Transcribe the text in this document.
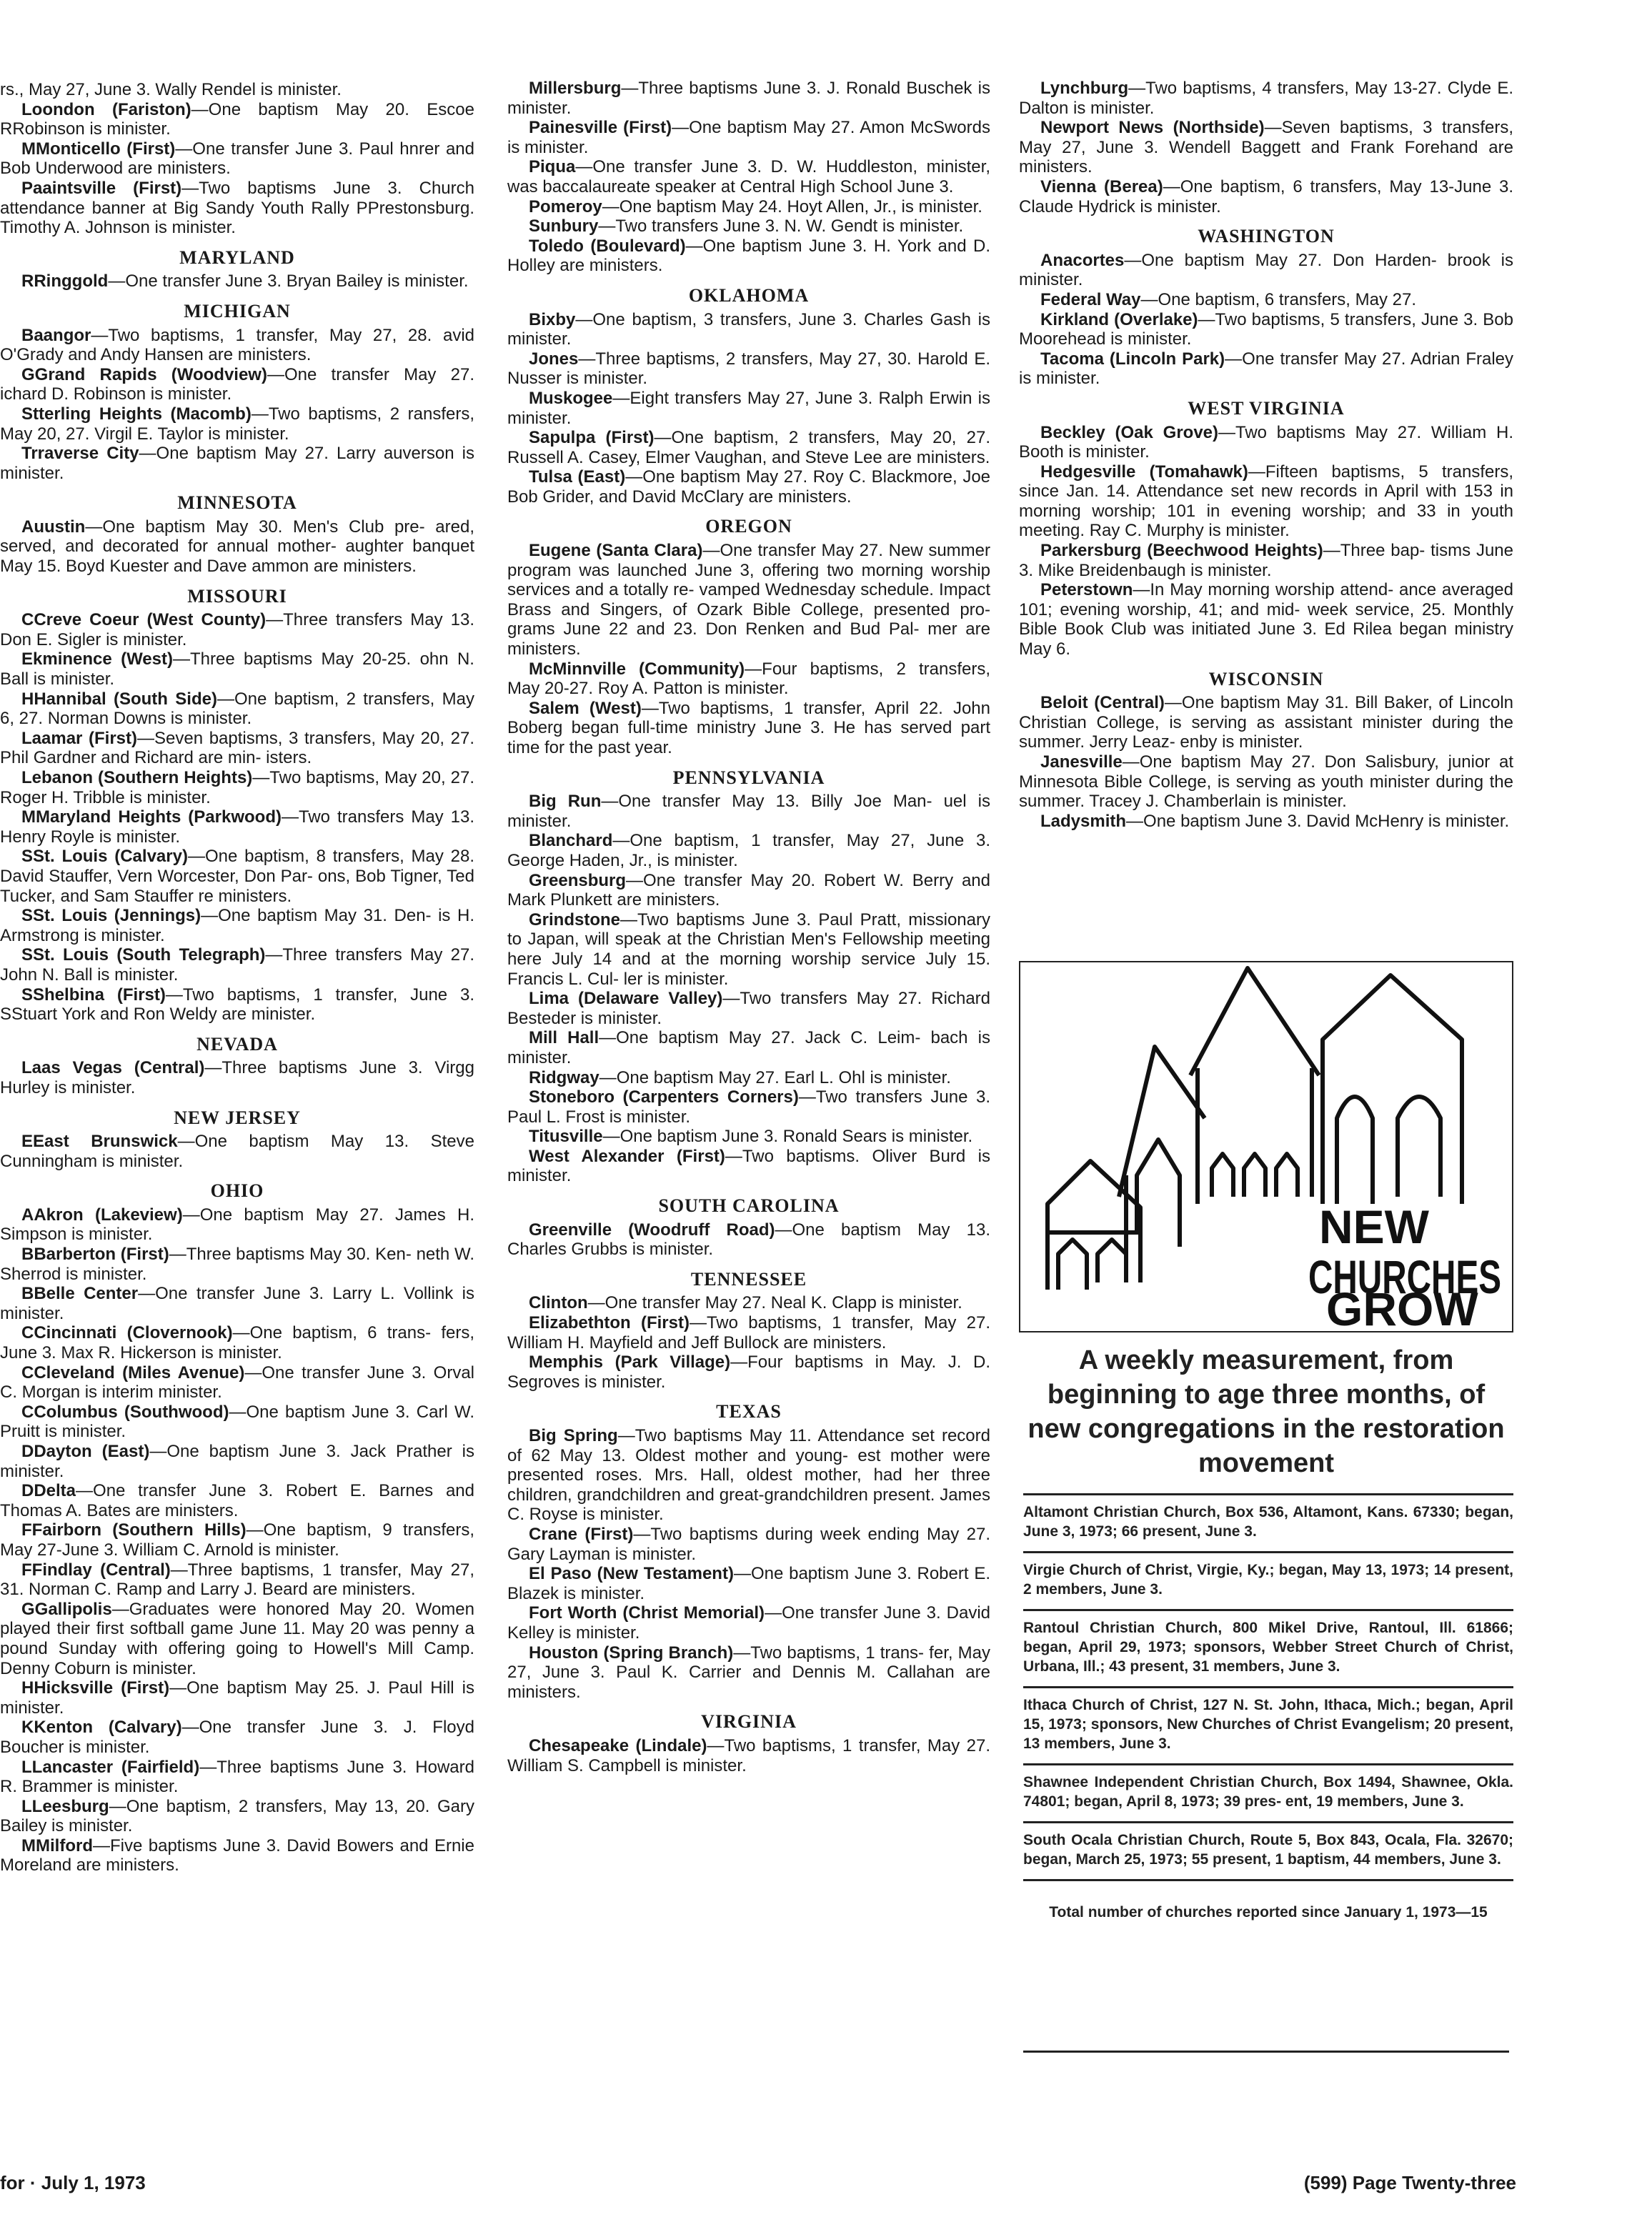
rs., May 27, June 3. Wally Rendel is minister.

Loondon (Fariston)—One baptism May 20. Escoe RRobinson is minister.

MMonticello (First)—One transfer June 3. Paul hnrer and Bob Underwood are ministers.

Paaintsville (First)—Two baptisms June 3. Church attendance banner at Big Sandy Youth Rally PPrestonsburg. Timothy A. Johnson is minister.

MARYLAND

RRinggold—One transfer June 3. Bryan Bailey is minister.

MICHIGAN

Baangor—Two baptisms, 1 transfer, May 27, 28. avid O'Grady and Andy Hansen are ministers.

GGrand Rapids (Woodview)—One transfer May 27. ichard D. Robinson is minister.

Stterling Heights (Macomb)—Two baptisms, 2 ransfers, May 20, 27. Virgil E. Taylor is minister.

Trraverse City—One baptism May 27. Larry auverson is minister.

MINNESOTA

Auustin—One baptism May 30. Men's Club pre- ared, served, and decorated for annual mother- aughter banquet May 15. Boyd Kuester and Dave ammon are ministers.

MISSOURI

CCreve Coeur (West County)—Three transfers May 13. Don E. Sigler is minister.

Ekminence (West)—Three baptisms May 20-25. ohn N. Ball is minister.

HHannibal (South Side)—One baptism, 2 transfers, May 6, 27. Norman Downs is minister.

Laamar (First)—Seven baptisms, 3 transfers, May 20, 27. Phil Gardner and Richard are min- isters.

Lebanon (Southern Heights)—Two baptisms, May 20, 27. Roger H. Tribble is minister.

MMaryland Heights (Parkwood)—Two transfers May 13. Henry Royle is minister.

SSt. Louis (Calvary)—One baptism, 8 transfers, May 28. David Stauffer, Vern Worcester, Don Par- ons, Bob Tigner, Ted Tucker, and Sam Stauffer re ministers.

SSt. Louis (Jennings)—One baptism May 31. Den- is H. Armstrong is minister.

SSt. Louis (South Telegraph)—Three transfers May 27. John N. Ball is minister.

SShelbina (First)—Two baptisms, 1 transfer, June 3. SStuart York and Ron Weldy are minister.

NEVADA

Laas Vegas (Central)—Three baptisms June 3. Virgg Hurley is minister.

NEW JERSEY

EEast Brunswick—One baptism May 13. Steve Cunningham is minister.

OHIO

AAkron (Lakeview)—One baptism May 27. James H. Simpson is minister.

BBarberton (First)—Three baptisms May 30. Ken- neth W. Sherrod is minister.

BBelle Center—One transfer June 3. Larry L. Vollink is minister.

CCincinnati (Clovernook)—One baptism, 6 trans- fers, June 3. Max R. Hickerson is minister.

CCleveland (Miles Avenue)—One transfer June 3. Orval C. Morgan is interim minister.

CColumbus (Southwood)—One baptism June 3. Carl W. Pruitt is minister.

DDayton (East)—One baptism June 3. Jack Prather is minister.

DDelta—One transfer June 3. Robert E. Barnes and Thomas A. Bates are ministers.

FFairborn (Southern Hills)—One baptism, 9 transfers, May 27-June 3. William C. Arnold is minister.

FFindlay (Central)—Three baptisms, 1 transfer, May 27, 31. Norman C. Ramp and Larry J. Beard are ministers.

GGallipolis—Graduates were honored May 20. Women played their first softball game June 11. May 20 was penny a pound Sunday with offering going to Howell's Mill Camp. Denny Coburn is minister.

HHicksville (First)—One baptism May 25. J. Paul Hill is minister.

KKenton (Calvary)—One transfer June 3. J. Floyd Boucher is minister.

LLancaster (Fairfield)—Three baptisms June 3. Howard R. Brammer is minister.

LLeesburg—One baptism, 2 transfers, May 13, 20. Gary Bailey is minister.

MMilford—Five baptisms June 3. David Bowers and Ernie Moreland are ministers.

Millersburg—Three baptisms June 3. J. Ronald Buschek is minister.

Painesville (First)—One baptism May 27. Amon McSwords is minister.

Piqua—One transfer June 3. D. W. Huddleston, minister, was baccalaureate speaker at Central High School June 3.

Pomeroy—One baptism May 24. Hoyt Allen, Jr., is minister.

Sunbury—Two transfers June 3. N. W. Gendt is minister.

Toledo (Boulevard)—One baptism June 3. H. York and D. Holley are ministers.

OKLAHOMA

Bixby—One baptism, 3 transfers, June 3. Charles Gash is minister.

Jones—Three baptisms, 2 transfers, May 27, 30. Harold E. Nusser is minister.

Muskogee—Eight transfers May 27, June 3. Ralph Erwin is minister.

Sapulpa (First)—One baptism, 2 transfers, May 20, 27. Russell A. Casey, Elmer Vaughan, and Steve Lee are ministers.

Tulsa (East)—One baptism May 27. Roy C. Blackmore, Joe Bob Grider, and David McClary are ministers.

OREGON

Eugene (Santa Clara)—One transfer May 27. New summer program was launched June 3, offering two morning worship services and a totally re- vamped Wednesday schedule. Impact Brass and Singers, of Ozark Bible College, presented pro- grams June 22 and 23. Don Renken and Bud Pal- mer are ministers.

McMinnville (Community)—Four baptisms, 2 transfers, May 20-27. Roy A. Patton is minister.

Salem (West)—Two baptisms, 1 transfer, April 22. John Boberg began full-time ministry June 3. He has served part time for the past year.

PENNSYLVANIA

Big Run—One transfer May 13. Billy Joe Man- uel is minister.

Blanchard—One baptism, 1 transfer, May 27, June 3. George Haden, Jr., is minister.

Greensburg—One transfer May 20. Robert W. Berry and Mark Plunkett are ministers.

Grindstone—Two baptisms June 3. Paul Pratt, missionary to Japan, will speak at the Christian Men's Fellowship meeting here July 14 and at the morning worship service July 15. Francis L. Cul- ler is minister.

Lima (Delaware Valley)—Two transfers May 27. Richard Besteder is minister.

Mill Hall—One baptism May 27. Jack C. Leim- bach is minister.

Ridgway—One baptism May 27. Earl L. Ohl is minister.

Stoneboro (Carpenters Corners)—Two transfers June 3. Paul L. Frost is minister.

Titusville—One baptism June 3. Ronald Sears is minister.

West Alexander (First)—Two baptisms. Oliver Burd is minister.

SOUTH CAROLINA

Greenville (Woodruff Road)—One baptism May 13. Charles Grubbs is minister.

TENNESSEE

Clinton—One transfer May 27. Neal K. Clapp is minister.

Elizabethton (First)—Two baptisms, 1 transfer, May 27. William H. Mayfield and Jeff Bullock are ministers.

Memphis (Park Village)—Four baptisms in May. J. D. Segroves is minister.

TEXAS

Big Spring—Two baptisms May 11. Attendance set record of 62 May 13. Oldest mother and young- est mother were presented roses. Mrs. Hall, oldest mother, had her three children, grandchildren and great-grandchildren present. James C. Royse is minister.

Crane (First)—Two baptisms during week ending May 27. Gary Layman is minister.

El Paso (New Testament)—One baptism June 3. Robert E. Blazek is minister.

Fort Worth (Christ Memorial)—One transfer June 3. David Kelley is minister.

Houston (Spring Branch)—Two baptisms, 1 trans- fer, May 27, June 3. Paul K. Carrier and Dennis M. Callahan are ministers.

VIRGINIA

Chesapeake (Lindale)—Two baptisms, 1 transfer, May 27. William S. Campbell is minister.

Lynchburg—Two baptisms, 4 transfers, May 13-27. Clyde E. Dalton is minister.

Newport News (Northside)—Seven baptisms, 3 transfers, May 27, June 3. Wendell Baggett and Frank Forehand are ministers.

Vienna (Berea)—One baptism, 6 transfers, May 13-June 3. Claude Hydrick is minister.

WASHINGTON

Anacortes—One baptism May 27. Don Harden- brook is minister.

Federal Way—One baptism, 6 transfers, May 27.

Kirkland (Overlake)—Two baptisms, 5 transfers, June 3. Bob Moorehead is minister.

Tacoma (Lincoln Park)—One transfer May 27. Adrian Fraley is minister.

WEST VIRGINIA

Beckley (Oak Grove)—Two baptisms May 27. William H. Booth is minister.

Hedgesville (Tomahawk)—Fifteen baptisms, 5 transfers, since Jan. 14. Attendance set new records in April with 153 in morning worship; 101 in evening worship; and 33 in youth meeting. Ray C. Murphy is minister.

Parkersburg (Beechwood Heights)—Three bap- tisms June 3. Mike Breidenbaugh is minister.

Peterstown—In May morning worship attend- ance averaged 101; evening worship, 41; and mid- week service, 25. Monthly Bible Book Club was initiated June 3. Ed Rilea began ministry May 6.

WISCONSIN

Beloit (Central)—One baptism May 31. Bill Baker, of Lincoln Christian College, is serving as assistant minister during the summer. Jerry Leaz- enby is minister.

Janesville—One baptism May 27. Don Salisbury, junior at Minnesota Bible College, is serving as youth minister during the summer. Tracey J. Chamberlain is minister.

Ladysmith—One baptism June 3. David McHenry is minister.

NEW
CHURCHES
GROW
A weekly measurement, from beginning to age three months, of new congregations in the restoration movement
Altamont Christian Church, Box 536, Altamont, Kans. 67330; began, June 3, 1973; 66 present, June 3.
Virgie Church of Christ, Virgie, Ky.; began, May 13, 1973; 14 present, 2 members, June 3.
Rantoul Christian Church, 800 Mikel Drive, Rantoul, Ill. 61866; began, April 29, 1973; sponsors, Webber Street Church of Christ, Urbana, Ill.; 43 present, 31 members, June 3.
Ithaca Church of Christ, 127 N. St. John, Ithaca, Mich.; began, April 15, 1973; sponsors, New Churches of Christ Evangelism; 20 present, 13 members, June 3.
Shawnee Independent Christian Church, Box 1494, Shawnee, Okla. 74801; began, April 8, 1973; 39 pres- ent, 19 members, June 3.
South Ocala Christian Church, Route 5, Box 843, Ocala, Fla. 32670; began, March 25, 1973; 55 present, 1 baptism, 44 members, June 3.
Total number of churches reported since January 1, 1973—15
for · July 1, 1973	(599) Page Twenty-three
